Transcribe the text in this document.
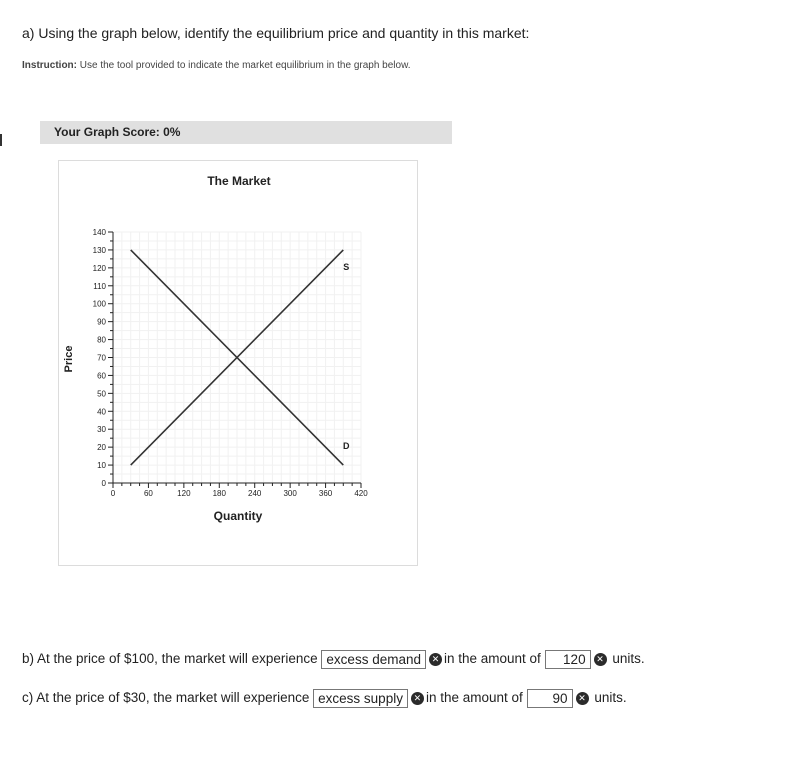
a) Using the graph below, identify the equilibrium price and quantity in this market:
Instruction: Use the tool provided to indicate the market equilibrium in the graph below.
Your Graph Score: 0%
0
10
20
30
40
50
60
70
80
90
100
110
120
130
140
0	60	120	180	240	300	360	420
S
D
The Market
Quantity
Price
b) At the price of $100, the market will experience excess demand ✕ in the amount of 120 ✕ units.
c) At the price of $30, the market will experience excess supply ✕ in the amount of 90 ✕ units.
